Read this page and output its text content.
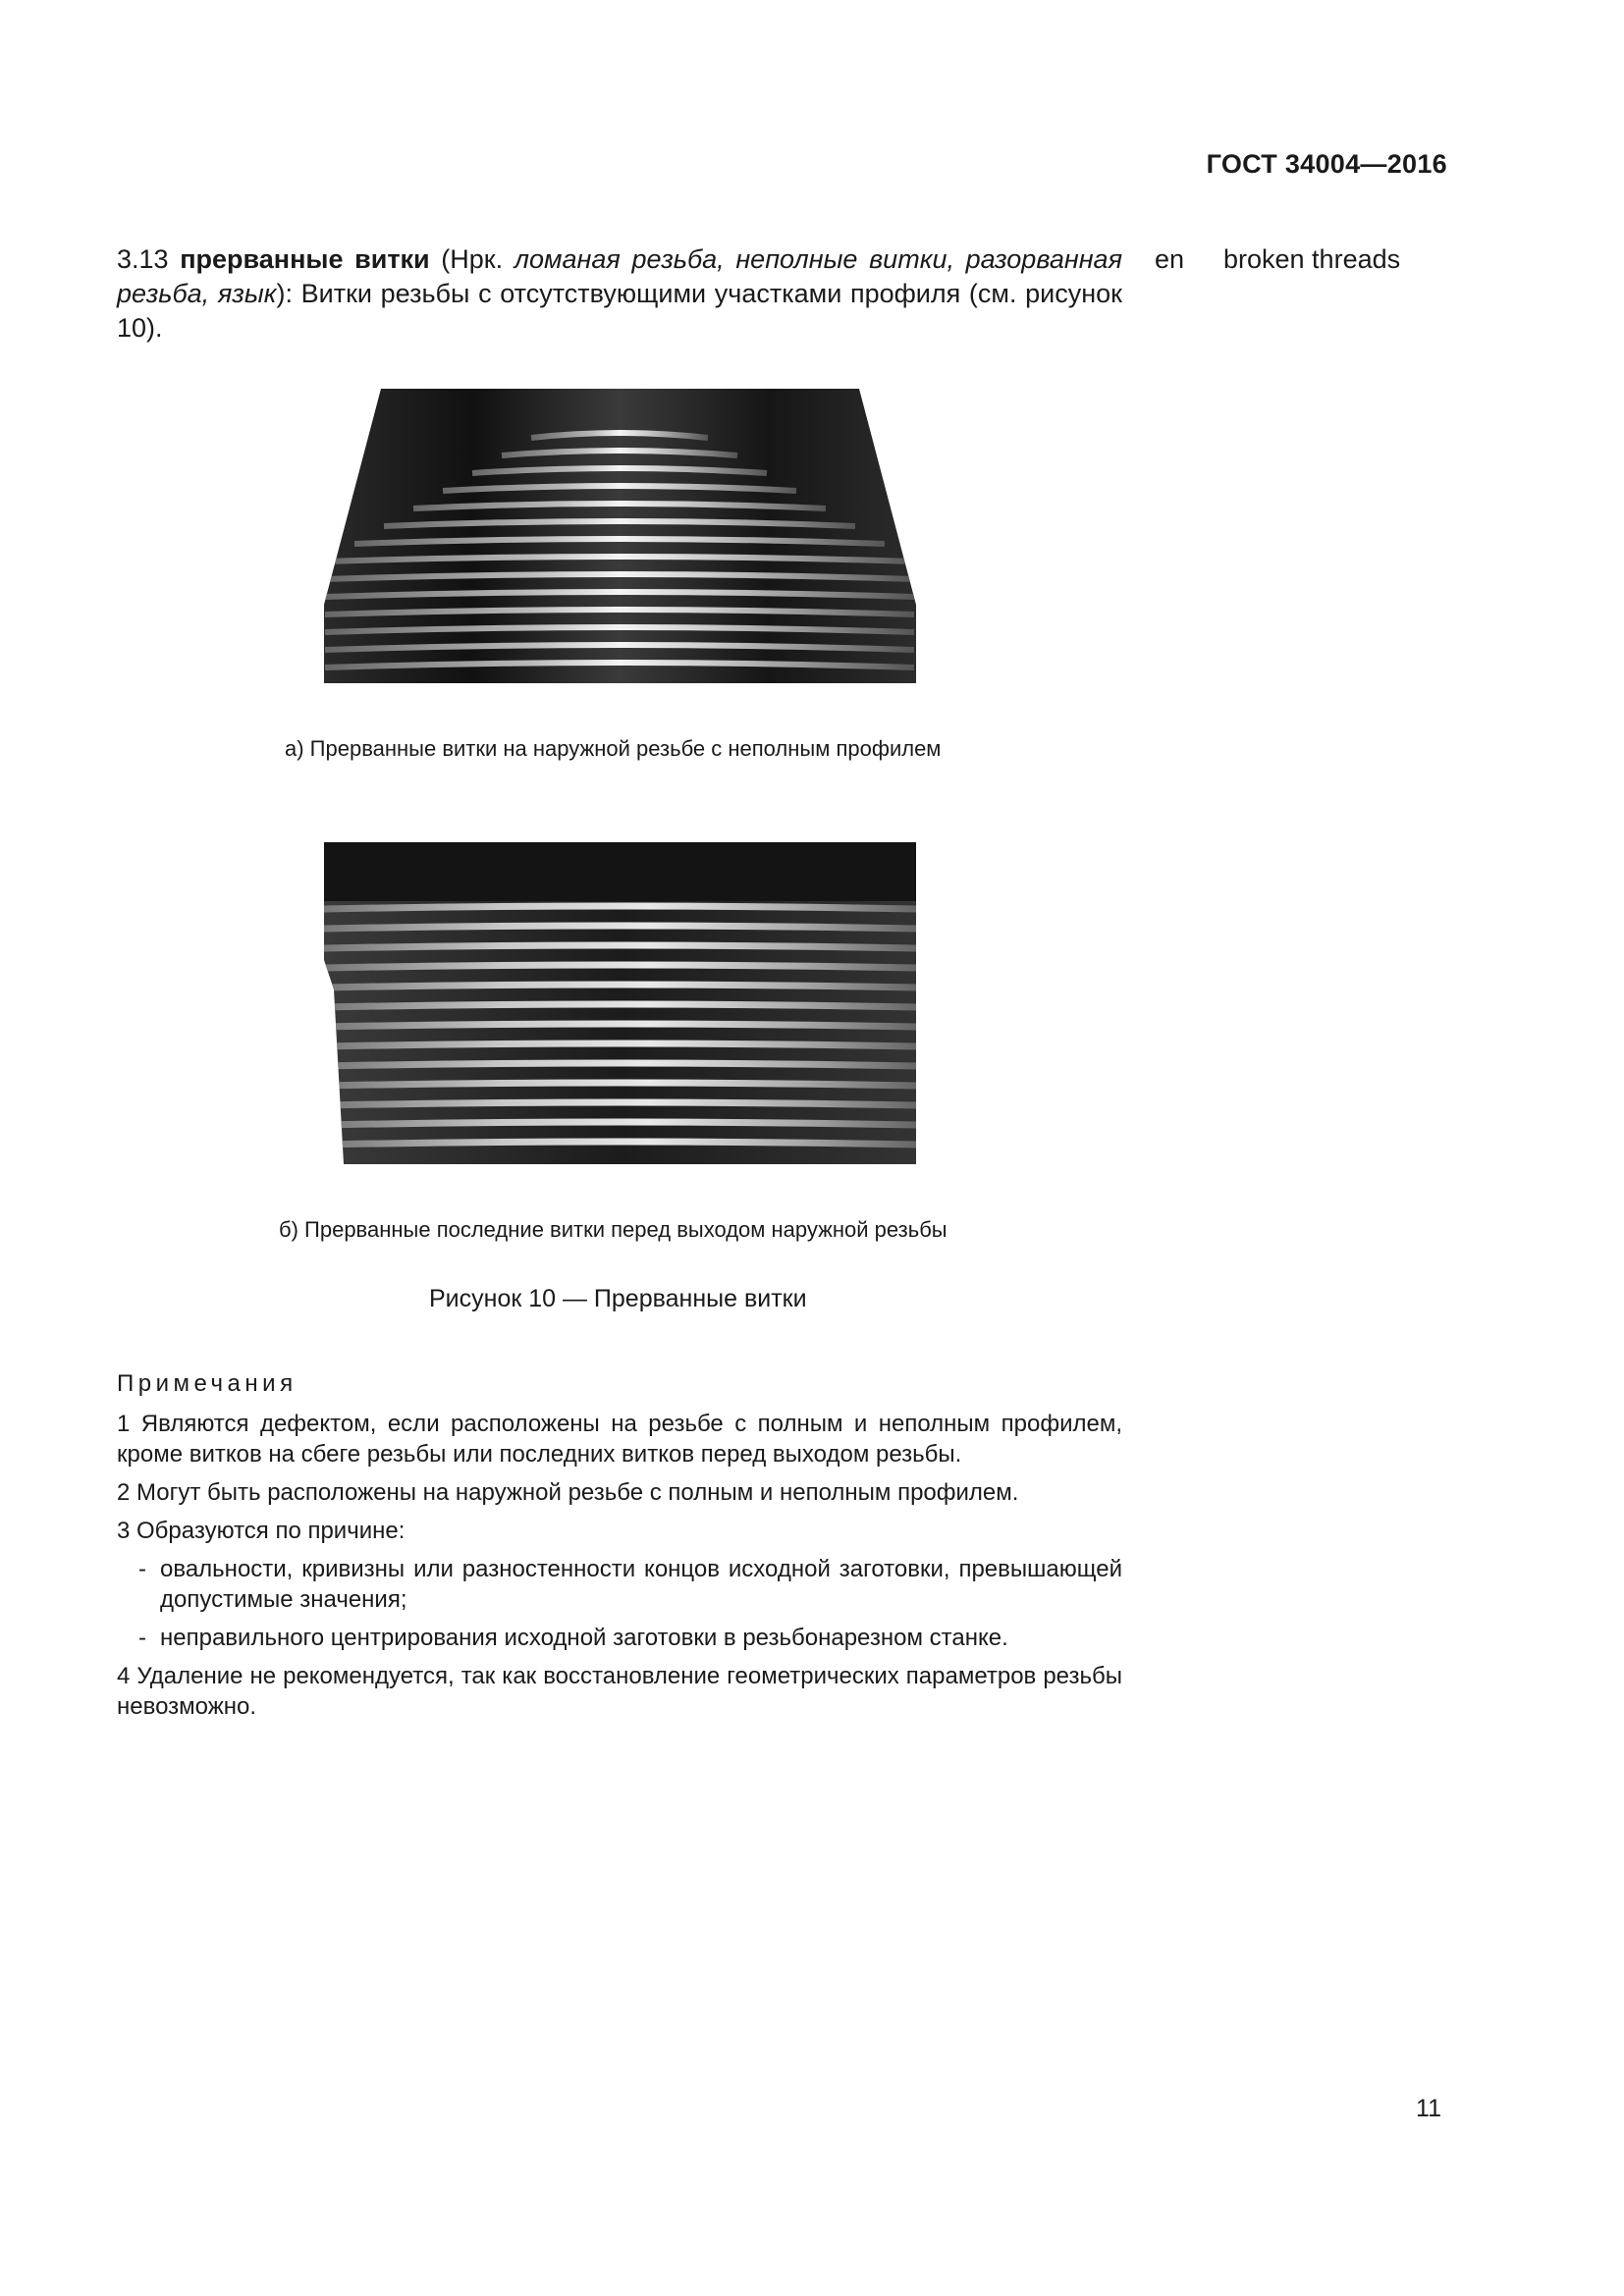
ГОСТ 34004—2016
3.13 прерванные витки (Нрк. ломаная резьба, неполные витки, разорванная резьба, язык): Витки резьбы с отсутствующими участками профиля (см. рисунок 10).
en broken threads
а) Прерванные витки на наружной резьбе с неполным профилем
б) Прерванные последние витки перед выходом наружной резьбы
Рисунок 10 — Прерванные витки
Примечания
1 Являются дефектом, если расположены на резьбе с полным и неполным профилем, кроме витков на сбеге резьбы или последних витков перед выходом резьбы.
2 Могут быть расположены на наружной резьбе с полным и неполным профилем.
3 Образуются по причине:
- овальности, кривизны или разностенности концов исходной заготовки, превышающей допустимые значения;
- неправильного центрирования исходной заготовки в резьбонарезном станке.
4 Удаление не рекомендуется, так как восстановление геометрических параметров резьбы невозможно.
11
